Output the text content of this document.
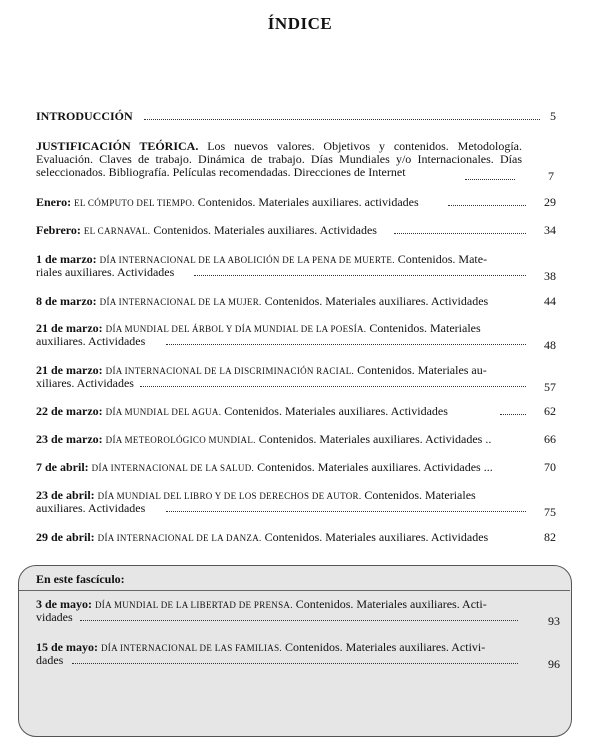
ÍNDICE
INTRODUCCIÓN	5
JUSTIFICACIÓN TEÓRICA. Los nuevos valores. Objetivos y contenidos. Metodología. Evaluación. Claves de trabajo. Dinámica de trabajo. Días Mundiales y/o Internacionales. Días seleccionados. Bibliografía. Películas recomendadas. Direcciones de Internet	7
Enero: EL CÓMPUTO DEL TIEMPO. Contenidos. Materiales auxiliares. actividades	29
Febrero: EL CARNAVAL. Contenidos. Materiales auxiliares. Actividades	34
1 de marzo: DÍA INTERNACIONAL DE LA ABOLICIÓN DE LA PENA DE MUERTE. Contenidos. Mate-
riales auxiliares. Actividades	38
8 de marzo: DÍA INTERNACIONAL DE LA MUJER. Contenidos. Materiales auxiliares. Actividades	44
21 de marzo: DÍA MUNDIAL DEL ÁRBOL Y DÍA MUNDIAL DE LA POESÍA. Contenidos. Materiales
auxiliares. Actividades	48
21 de marzo: DÍA INTERNACIONAL DE LA DISCRIMINACIÓN RACIAL. Contenidos. Materiales au-
xiliares. Actividades	57
22 de marzo: DÍA MUNDIAL DEL AGUA. Contenidos. Materiales auxiliares. Actividades	62
23 de marzo: DÍA METEOROLÓGICO MUNDIAL. Contenidos. Materiales auxiliares. Actividades ..	66
7 de abril: DÍA INTERNACIONAL DE LA SALUD. Contenidos. Materiales auxiliares. Actividades ...	70
23 de abril: DÍA MUNDIAL DEL LIBRO Y DE LOS DERECHOS DE AUTOR. Contenidos. Materiales
auxiliares. Actividades	75
29 de abril: DÍA INTERNACIONAL DE LA DANZA. Contenidos. Materiales auxiliares. Actividades	82
En este fascículo:
3 de mayo: DÍA MUNDIAL DE LA LIBERTAD DE PRENSA. Contenidos. Materiales auxiliares. Acti-
vidades	93
15 de mayo: DÍA INTERNACIONAL DE LAS FAMILIAS. Contenidos. Materiales auxiliares. Activi-
dades	96
